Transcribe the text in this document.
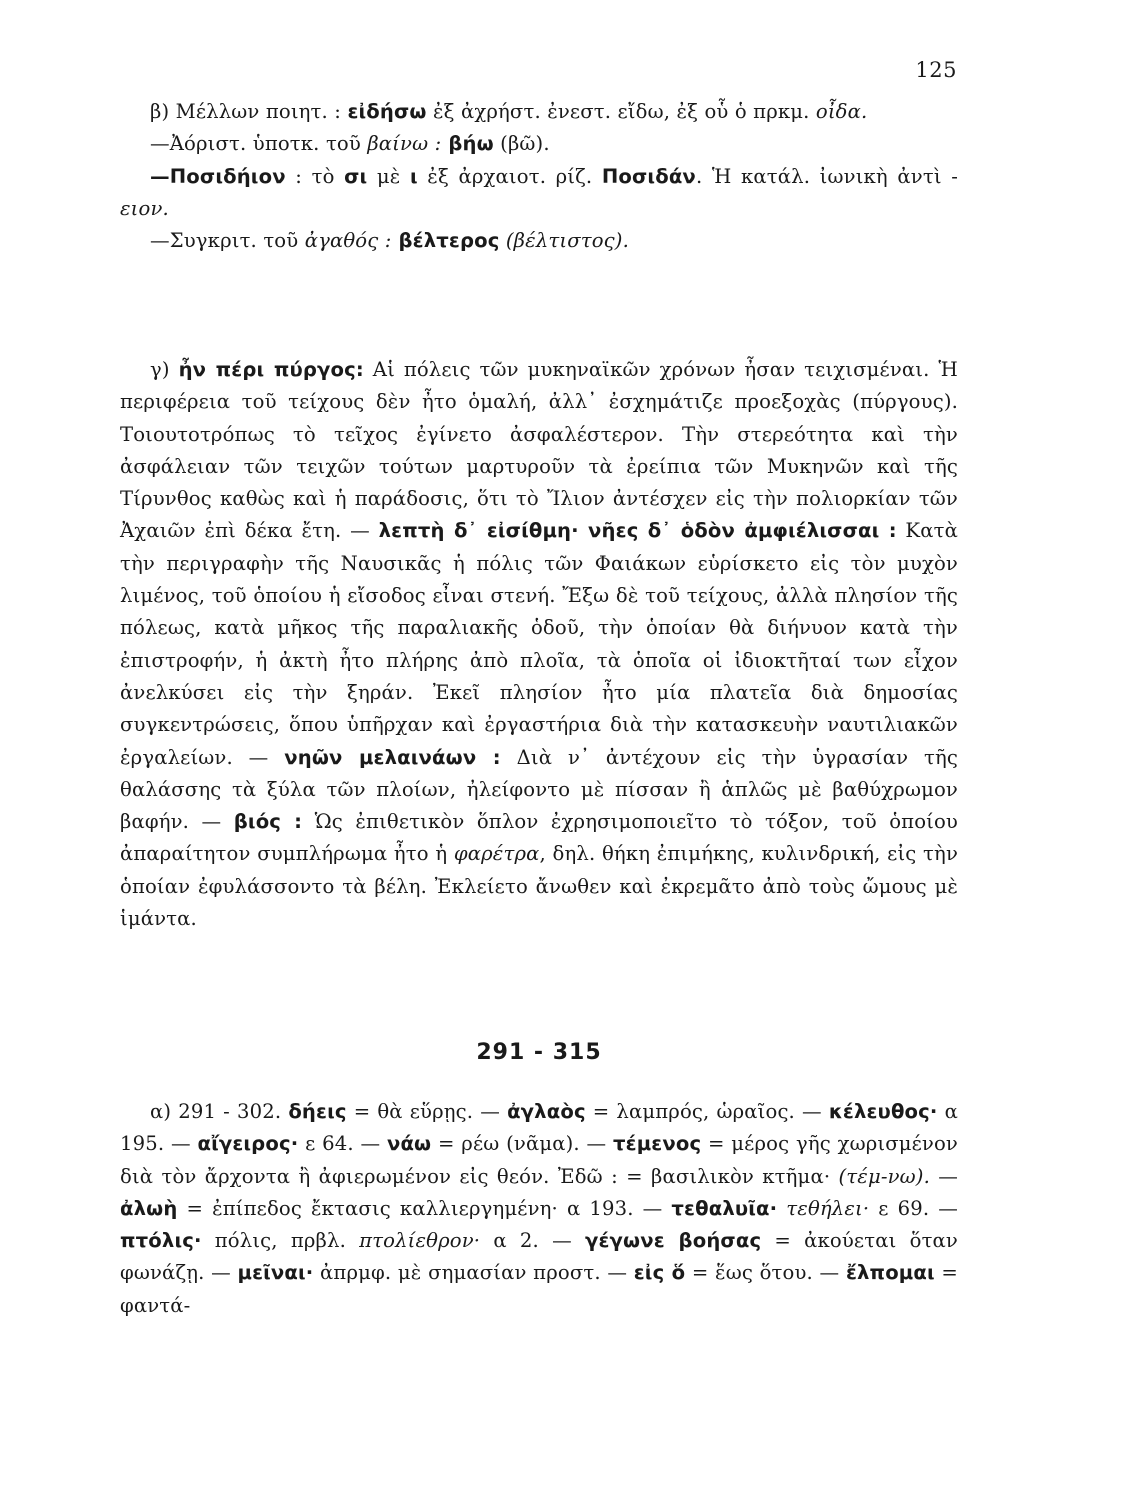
125

β) Μέλλων ποιητ. : εἰδήσω ἐξ ἀχρήστ. ἐνεστ. εἴδω, ἐξ οὗ ὁ πρκμ. οἶδα.

—Ἀόριστ. ὑποτκ. τοῦ βαίνω : βήω (βῶ).

—Ποσιδήιον : τὸ σι μὲ ι ἐξ ἀρχαιοτ. ρίζ. Ποσιδάν. Ἡ κατάλ. ἰωνικὴ ἀντὶ - ειον.

—Συγκριτ. τοῦ ἀγαθός : βέλτερος (βέλτιστος).

γ) ἦν πέρι πύργος: Αἱ πόλεις τῶν μυκηναϊκῶν χρόνων ἦσαν τειχισμέναι. Ἡ περιφέρεια τοῦ τείχους δὲν ἦτο ὁμαλή, ἀλλ᾽ ἐσχημάτιζε προεξοχὰς (πύργους). Τοιουτοτρόπως τὸ τεῖχος ἐγίνετο ἀσφαλέστερον. Τὴν στερεότητα καὶ τὴν ἀσφάλειαν τῶν τειχῶν τούτων μαρτυροῦν τὰ ἐρείπια τῶν Μυκηνῶν καὶ τῆς Τίρυνθος καθὼς καὶ ἡ παράδοσις, ὅτι τὸ Ἴλιον ἀντέσχεν εἰς τὴν πολιορκίαν τῶν Ἀχαιῶν ἐπὶ δέκα ἔτη. — λεπτὴ δ᾽ εἰσίθμη· νῆες δ᾽ ὁδὸν ἀμφιέλισσαι : Κατὰ τὴν περιγραφὴν τῆς Ναυσικᾶς ἡ πόλις τῶν Φαιάκων εὑρίσκετο εἰς τὸν μυχὸν λιμένος, τοῦ ὁποίου ἡ εἴσοδος εἶναι στενή. Ἔξω δὲ τοῦ τείχους, ἀλλὰ πλησίον τῆς πόλεως, κατὰ μῆκος τῆς παραλιακῆς ὁδοῦ, τὴν ὁποίαν θὰ διήνυον κατὰ τὴν ἐπιστροφήν, ἡ ἀκτὴ ἦτο πλήρης ἀπὸ πλοῖα, τὰ ὁποῖα οἱ ἰδιοκτῆταί των εἶχον ἀνελκύσει εἰς τὴν ξηράν. Ἐκεῖ πλησίον ἦτο μία πλατεῖα διὰ δημοσίας συγκεντρώσεις, ὅπου ὑπῆρχαν καὶ ἐργαστήρια διὰ τὴν κατασκευὴν ναυτιλιακῶν ἐργαλείων. — νηῶν μελαινάων : Διὰ ν᾽ ἀντέχουν εἰς τὴν ὑγρασίαν τῆς θαλάσσης τὰ ξύλα τῶν πλοίων, ἠλείφοντο μὲ πίσσαν ἢ ἁπλῶς μὲ βαθύχρωμον βαφήν. — βιός : Ὡς ἐπιθετικὸν ὅπλον ἐχρησιμοποιεῖτο τὸ τόξον, τοῦ ὁποίου ἀπαραίτητον συμπλήρωμα ἦτο ἡ φαρέτρα, δηλ. θήκη ἐπιμήκης, κυλινδρική, εἰς τὴν ὁποίαν ἐφυλάσσοντο τὰ βέλη. Ἐκλείετο ἄνωθεν καὶ ἐκρεμᾶτο ἀπὸ τοὺς ὤμους μὲ ἱμάντα.

291 - 315

α) 291 - 302. δήεις = θὰ εὕρῃς. — ἀγλαὸς = λαμπρός, ὡραῖος. — κέλευθος· α 195. — αἴγειρος· ε 64. — νάω = ρέω (νᾶμα). — τέμενος = μέρος γῆς χωρισμένον διὰ τὸν ἄρχοντα ἢ ἀφιερωμένον εἰς θεόν. Ἐδῶ : = βασιλικὸν κτῆμα· (τέμ-νω). — ἀλωὴ = ἐπίπεδος ἔκτασις καλλιεργημένη· α 193. — τεθαλυῖα· τεθήλει· ε 69. — πτόλις· πόλις, πρβλ. πτολίεθρον· α 2. — γέγωνε βοήσας = ἀκούεται ὅταν φωνάζῃ. — μεῖναι· ἀπρμφ. μὲ σημασίαν προστ. — εἰς ὅ = ἕως ὅτου. — ἔλπομαι = φαντά-
